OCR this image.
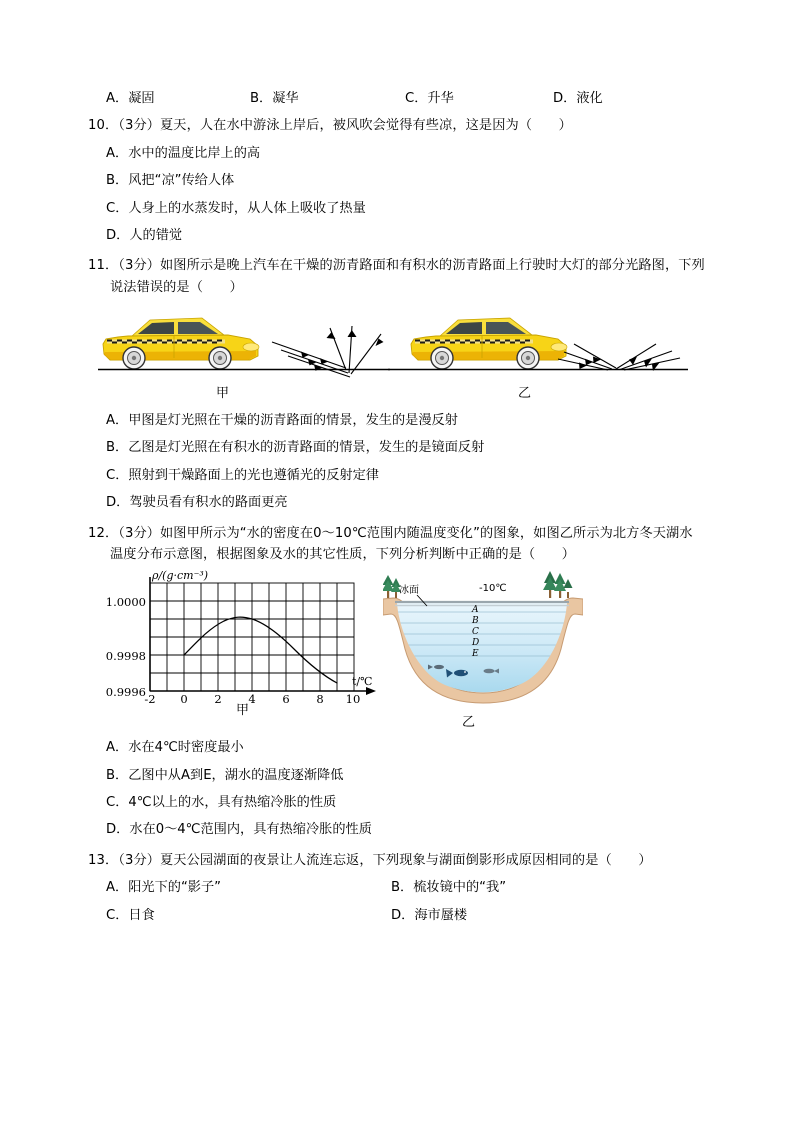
A．凝固	B．凝华	C．升华	D．液化
10．（3分）夏天，人在水中游泳上岸后，被风吹会觉得有些凉，这是因为（　　）
A．水中的温度比岸上的高
B．风把“凉”传给人体
C．人身上的水蒸发时，从人体上吸收了热量
D．人的错觉
11．（3分）如图所示是晚上汽车在干燥的沥青路面和有积水的沥青路面上行驶时大灯的部分光路图，下列
说法错误的是（　　）
甲	乙
A．甲图是灯光照在干燥的沥青路面的情景，发生的是漫反射
B．乙图是灯光照在有积水的沥青路面的情景，发生的是镜面反射
C．照射到干燥路面上的光也遵循光的反射定律
D．驾驶员看有积水的路面更亮
12．（3分）如图甲所示为“水的密度在0～10℃范围内随温度变化”的图象，如图乙所示为北方冬天湖水
温度分布示意图，根据图象及水的其它性质，下列分析判断中正确的是（　　）
ρ/(g·cm⁻³)
1.0000
0.9998
0.9996
-2	0	2	4	6	8	10
t/℃
冰面	-10℃
A
B
C
D
E
甲
乙
A．水在4℃时密度最小
B．乙图中从A到E，湖水的温度逐渐降低
C．4℃以上的水，具有热缩冷胀的性质
D．水在0～4℃范围内，具有热缩冷胀的性质
13．（3分）夏天公园湖面的夜景让人流连忘返，下列现象与湖面倒影形成原因相同的是（　　）
A．阳光下的“影子”	B．梳妆镜中的“我”
C．日食	D．海市蜃楼
